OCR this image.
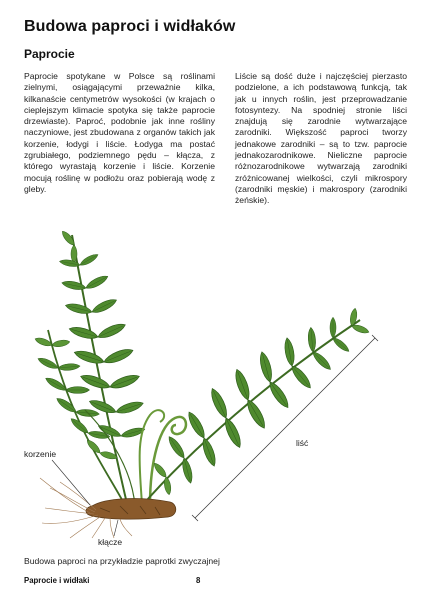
Budowa paproci i widłaków
Paprocie

Paprocie spotykane w Polsce są roślinami zielnymi, osiągającymi przeważnie kilka, kilkanaście centymetrów wysokości (w krajach o cieplejszym klimacie spotyka się także paprocie drzewiaste). Paproć, podobnie jak inne rośliny naczyniowe, jest zbudowana z organów takich jak korzenie, łodygi i liście. Łodyga ma postać zgrubiałego, podziemnego pędu – kłącza, z którego wyrastają korzenie i liście. Korzenie mocują roślinę w podłożu oraz pobierają wodę z gleby.

Liście są dość duże i najczęściej pierzasto podzielone, a ich podstawową funkcją, tak jak u innych roślin, jest przeprowadzanie fotosyntezy. Na spodniej stronie liści znajdują się zarodnie wytwarzające zarodniki. Większość paproci tworzy jednakowe zarodniki – są to tzw. paprocie jednakozarodnikowe. Nieliczne paprocie różnozarodnikowe wytwarzają zarodniki zróżnicowanej wielkości, czyli mikrospory (zarodniki męskie) i makrospory (zarodniki żeńskie).

korzenie
kłącze
liść
Budowa paproci na przykładzie paprotki zwyczajnej
Paprocie i widłaki	8
